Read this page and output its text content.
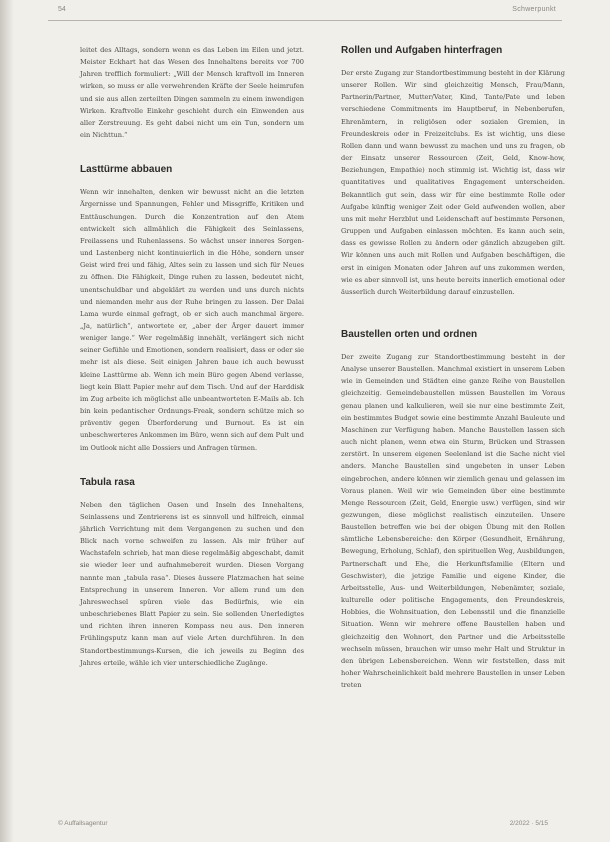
54	Schwerpunkt

leitet des Alltags, sondern wenn es das Leben im Eilen und jetzt. Meister Eckhart hat das Wesen des Innehaltens bereits vor 700 Jahren trefflich formuliert: „Will der Mensch kraftvoll im Inneren wirken, so muss er alle verwehrenden Kräfte der Seele heimrufen und sie aus allen zerteilten Dingen sammeln zu einem inwendigen Wirken. Kraftvolle Einkehr geschieht durch ein Einwenden aus aller Zerstreuung. Es geht dabei nicht um ein Tun, sondern um ein Nichttun.“

Lasttürme abbauen

Wenn wir innehalten, denken wir bewusst nicht an die letzten Ärgernisse und Spannungen, Fehler und Missgriffe, Kritiken und Enttäuschungen. Durch die Konzentration auf den Atem entwickelt sich allmählich die Fähigkeit des Seinlassens, Freilassens und Ruhenlassens. So wächst unser inneres Sorgen- und Lastenberg nicht kontinuierlich in die Höhe, sondern unser Geist wird frei und fähig, Altes sein zu lassen und sich für Neues zu öffnen. Die Fähigkeit, Dinge ruhen zu lassen, bedeutet nicht, unentschuldbar und abgeklärt zu werden und uns durch nichts und niemanden mehr aus der Ruhe bringen zu lassen. Der Dalai Lama wurde einmal gefragt, ob er sich auch manchmal ärgere. „Ja, natürlich“, antwortete er, „aber der Ärger dauert immer weniger lange.“ Wer regelmäßig innehält, verlängert sich nicht seiner Gefühle und Emotionen, sondern realisiert, dass er oder sie mehr ist als diese. Seit einigen Jahren baue ich auch bewusst kleine Lasttürme ab. Wenn ich mein Büro gegen Abend verlasse, liegt kein Blatt Papier mehr auf dem Tisch. Und auf der Harddisk im Zug arbeite ich möglichst alle unbeantworteten E-Mails ab. Ich bin kein pedantischer Ordnungs-Freak, sondern schütze mich so präventiv gegen Überforderung und Burnout. Es ist ein unbeschwerteres Ankommen im Büro, wenn sich auf dem Pult und im Outlook nicht alle Dossiers und Anfragen türmen.

Tabula rasa

Neben den täglichen Oasen und Inseln des Innehaltens, Seinlassens und Zentrierens ist es sinnvoll und hilfreich, einmal jährlich Verrichtung mit dem Vergangenen zu suchen und den Blick nach vorne schweifen zu lassen. Als mir früher auf Wachstafeln schrieb, hat man diese regelmäßig abgeschabt, damit sie wieder leer und aufnahmebereit wurden. Diesen Vorgang nannte man „tabula rasa“. Dieses äussere Platzmachen hat seine Entsprechung in unserem Inneren. Vor allem rund um den Jahreswechsel spüren viele das Bedürfnis, wie ein unbeschriebenes Blatt Papier zu sein. Sie sollenden Unerledigtes und richten ihren inneren Kompass neu aus. Den inneren Frühlingsputz kann man auf viele Arten durchführen. In den Standortbestimmungs-Kursen, die ich jeweils zu Beginn des Jahres erteile, wähle ich vier unterschiedliche Zugänge.

Rollen und Aufgaben hinterfragen

Der erste Zugang zur Standortbestimmung besteht in der Klärung unserer Rollen. Wir sind gleichzeitig Mensch, Frau/Mann, Partnerin/Partner, Mutter/Vater, Kind, Tante/Pate und leben verschiedene Commitments im Hauptberuf, in Nebenberufen, Ehrenämtern, in religiösen oder sozialen Gremien, in Freundeskreis oder in Freizeitclubs. Es ist wichtig, uns diese Rollen dann und wann bewusst zu machen und uns zu fragen, ob der Einsatz unserer Ressourcen (Zeit, Geld, Know-how, Beziehungen, Empathie) noch stimmig ist. Wichtig ist, dass wir quantitatives und qualitatives Engagement unterscheiden. Bekanntlich gut sein, dass wir für eine bestimmte Rolle oder Aufgabe künftig weniger Zeit oder Geld aufwenden wollen, aber uns mit mehr Herzblut und Leidenschaft auf bestimmte Personen, Gruppen und Aufgaben einlassen möchten. Es kann auch sein, dass es gewisse Rollen zu ändern oder gänzlich abzugeben gilt. Wir können uns auch mit Rollen und Aufgaben beschäftigen, die erst in einigen Monaten oder Jahren auf uns zukommen werden, wie es aber sinnvoll ist, uns heute bereits innerlich emotional oder äusserlich durch Weiterbildung darauf einzustellen.

Baustellen orten und ordnen

Der zweite Zugang zur Standortbestimmung besteht in der Analyse unserer Baustellen. Manchmal existiert in unserem Leben wie in Gemeinden und Städten eine ganze Reihe von Baustellen gleichzeitig. Gemeindebaustellen müssen Baustellen im Voraus genau planen und kalkulieren, weil sie nur eine bestimmte Zeit, ein bestimmtes Budget sowie eine bestimmte Anzahl Bauleute und Maschinen zur Verfügung haben. Manche Baustellen lassen sich auch nicht planen, wenn etwa ein Sturm, Brücken und Strassen zerstört. In unserem eigenen Seelenland ist die Sache nicht viel anders. Manche Baustellen sind ungebeten in unser Leben eingebrochen, andere können wir ziemlich genau und gelassen im Voraus planen. Weil wir wie Gemeinden über eine bestimmte Menge Ressourcen (Zeit, Geld, Energie usw.) verfügen, sind wir gezwungen, diese möglichst realistisch einzuteilen. Unsere Baustellen betreffen wie bei der obigen Übung mit den Rollen sämtliche Lebensbereiche: den Körper (Gesundheit, Ernährung, Bewegung, Erholung, Schlaf), den spirituellen Weg, Ausbildungen, Partnerschaft und Ehe, die Herkunftsfamilie (Eltern und Geschwister), die jetzige Familie und eigene Kinder, die Arbeitsstelle, Aus- und Weiterbildungen, Nebenämter, soziale, kulturelle oder politische Engagements, den Freundeskreis, Hobbies, die Wohnsituation, den Lebensstil und die finanzielle Situation. Wenn wir mehrere offene Baustellen haben und gleichzeitig den Wohnort, den Partner und die Arbeitsstelle wechseln müssen, brauchen wir umso mehr Halt und Struktur in den übrigen Lebensbereichen. Wenn wir feststellen, dass mit hoher Wahrscheinlichkeit bald mehrere Baustellen in unser Leben treten

© Auffallsagentur	2/2022 · 5/15
